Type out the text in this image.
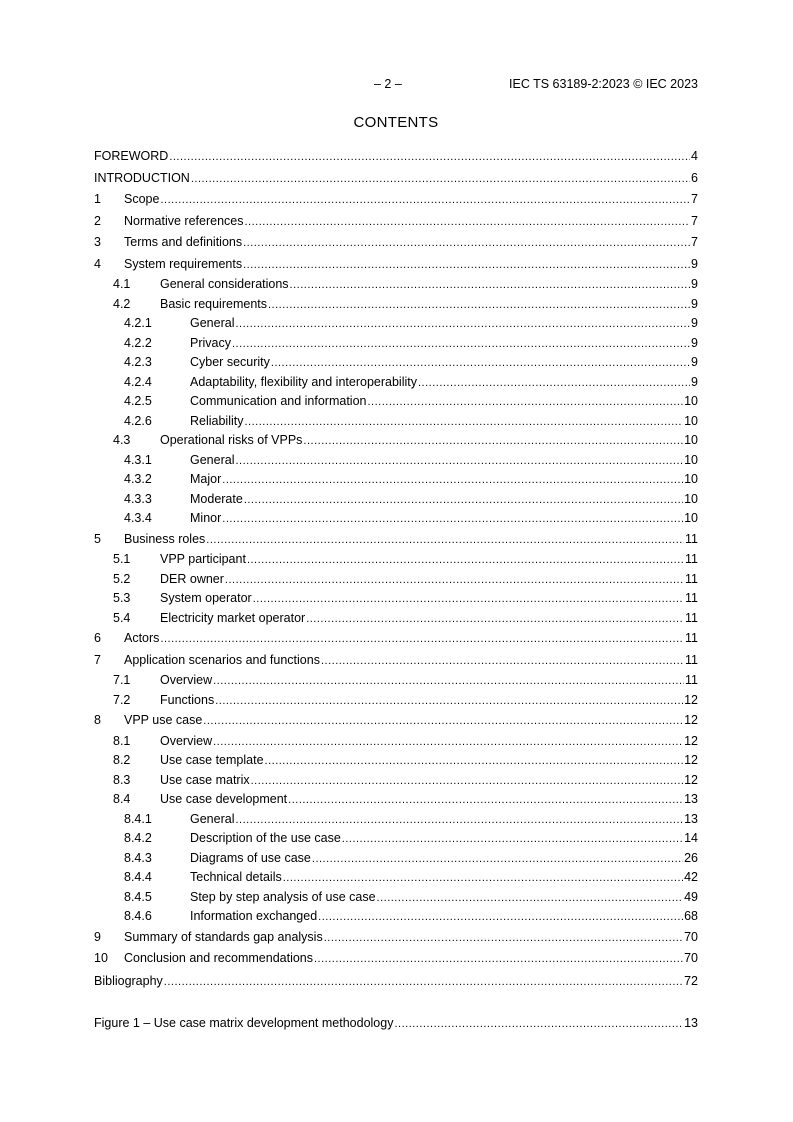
– 2 –	IEC TS 63189-2:2023 © IEC 2023
CONTENTS
FOREWORD .....	4
INTRODUCTION .....	6
1	Scope .....	7
2	Normative references .....	7
3	Terms and definitions .....	7
4	System requirements .....	9
4.1	General considerations .....	9
4.2	Basic requirements .....	9
4.2.1	General .....	9
4.2.2	Privacy .....	9
4.2.3	Cyber security .....	9
4.2.4	Adaptability, flexibility and interoperability .....	9
4.2.5	Communication and information .....	10
4.2.6	Reliability .....	10
4.3	Operational risks of VPPs .....	10
4.3.1	General .....	10
4.3.2	Major .....	10
4.3.3	Moderate .....	10
4.3.4	Minor .....	10
5	Business roles .....	11
5.1	VPP participant .....	11
5.2	DER owner .....	11
5.3	System operator .....	11
5.4	Electricity market operator .....	11
6	Actors .....	11
7	Application scenarios and functions .....	11
7.1	Overview .....	11
7.2	Functions .....	12
8	VPP use case .....	12
8.1	Overview .....	12
8.2	Use case template .....	12
8.3	Use case matrix .....	12
8.4	Use case development .....	13
8.4.1	General .....	13
8.4.2	Description of the use case .....	14
8.4.3	Diagrams of use case .....	26
8.4.4	Technical details .....	42
8.4.5	Step by step analysis of use case .....	49
8.4.6	Information exchanged .....	68
9	Summary of standards gap analysis .....	70
10	Conclusion and recommendations .....	70
Bibliography .....	72
Figure 1 – Use case matrix development methodology .....	13
